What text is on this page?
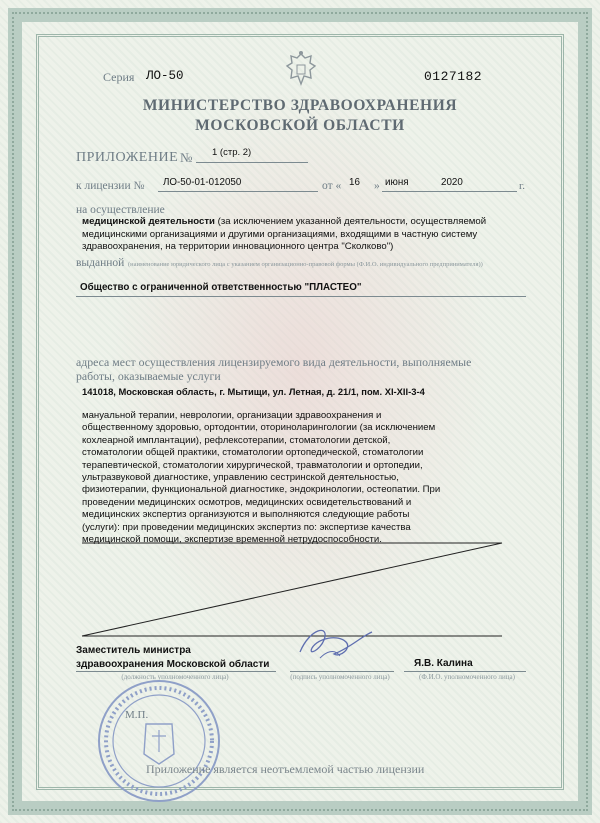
Серия ЛО-50	0127182
МИНИСТЕРСТВО ЗДРАВООХРАНЕНИЯ
МОСКОВСКОЙ ОБЛАСТИ
ПРИЛОЖЕНИЕ № 1 (стр. 2)
к лицензии № ЛО-50-01-012050	от « 16 » июня	2020	г.
на осуществление
медицинской деятельности (за исключением указанной деятельности, осуществляемой медицинскими организациями и другими организациями, входящими в частную систему здравоохранения, на территории инновационного центра "Сколково")
выданной (наименование юридического лица с указанием организационно-правовой формы (Ф.И.О. индивидуального предпринимателя))
Общество с ограниченной ответственностью "ПЛАСТЕО"
адреса мест осуществления лицензируемого вида деятельности, выполняемые
работы, оказываемые услуги
141018, Московская область, г. Мытищи, ул. Летная, д. 21/1, пом. XI-XII-3-4
мануальной терапии, неврологии, организации здравоохранения и
общественному здоровью, ортодонтии, оториноларингологии (за исключением
кохлеарной имплантации), рефлексотерапии, стоматологии детской,
стоматологии общей практики, стоматологии ортопедической, стоматологии
терапевтической, стоматологии хирургической, травматологии и ортопедии,
ультразвуковой диагностике, управлению сестринской деятельностью,
физиотерапии, функциональной диагностике, эндокринологии, остеопатии. При
проведении медицинских осмотров, медицинских освидетельствований и
медицинских экспертиз организуются и выполняются следующие работы
(услуги): при проведении медицинских экспертиз по: экспертизе качества
медицинской помощи, экспертизе временной нетрудоспособности.
Заместитель министра
здравоохранения Московской области	Я.В. Калина
(должность уполномоченного лица)	(подпись уполномоченного лица)	(Ф.И.О. уполномоченного лица)
М.П.
Приложение является неотъемлемой частью лицензии
